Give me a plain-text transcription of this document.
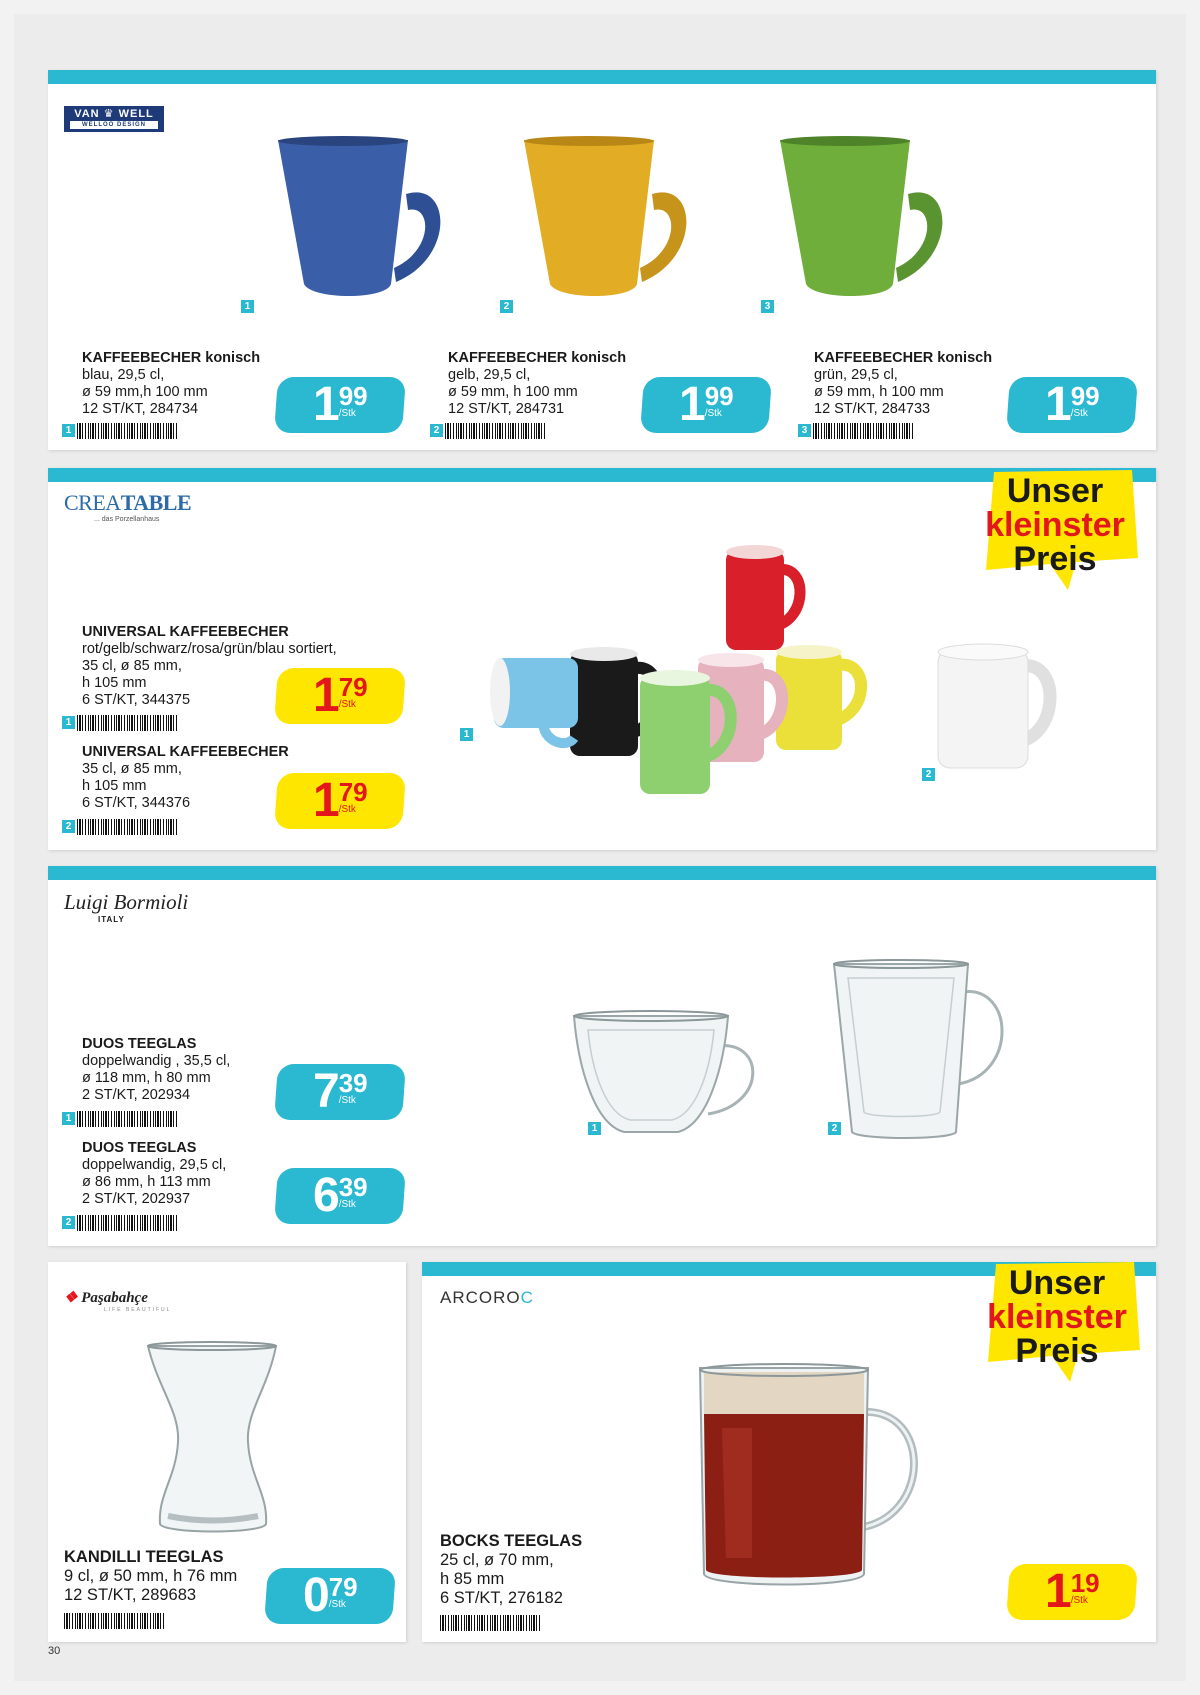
VAN ♛ WELL
WELLOO DESIGN
1	2	3
KAFFEEBECHER konisch
blau, 29,5 cl,
ø 59 mm,h 100 mm
12 ST/KT, 284734
1	1 99
/Stk
KAFFEEBECHER konisch
gelb, 29,5 cl,
ø 59 mm, h 100 mm
12 ST/KT, 284731
2	1 99
/Stk
KAFFEEBECHER konisch
grün, 29,5 cl,
ø 59 mm, h 100 mm
12 ST/KT, 284733
3	1 99
/Stk
CREATABLE
... das Porzellanhaus
Unser
kleinster
Preis
1
2
UNIVERSAL KAFFEEBECHER
rot/gelb/schwarz/rosa/grün/blau sortiert,
35 cl, ø 85 mm,
h 105 mm
6 ST/KT, 344375
1
1 79
/Stk
UNIVERSAL KAFFEEBECHER
35 cl, ø 85 mm,
h 105 mm
6 ST/KT, 344376
2	1 79
/Stk
Luigi Bormioli
ITALY
1	2
DUOS TEEGLAS
doppelwandig , 35,5 cl,
ø 118 mm, h 80 mm
2 ST/KT, 202934
1
7 39
/Stk
DUOS TEEGLAS
doppelwandig, 29,5 cl,
ø 86 mm, h 113 mm
2 ST/KT, 202937
2
6 39
/Stk
❖ Paşabahçe
LIFE BEAUTIFUL
KANDILLI TEEGLAS
9 cl, ø 50 mm, h 76 mm
12 ST/KT, 289683	0 79
/Stk
ARCOROC	Unser
kleinster
Preis
BOCKS TEEGLAS
25 cl, ø 70 mm,
h 85 mm
6 ST/KT, 276182	1 19
/Stk
30
